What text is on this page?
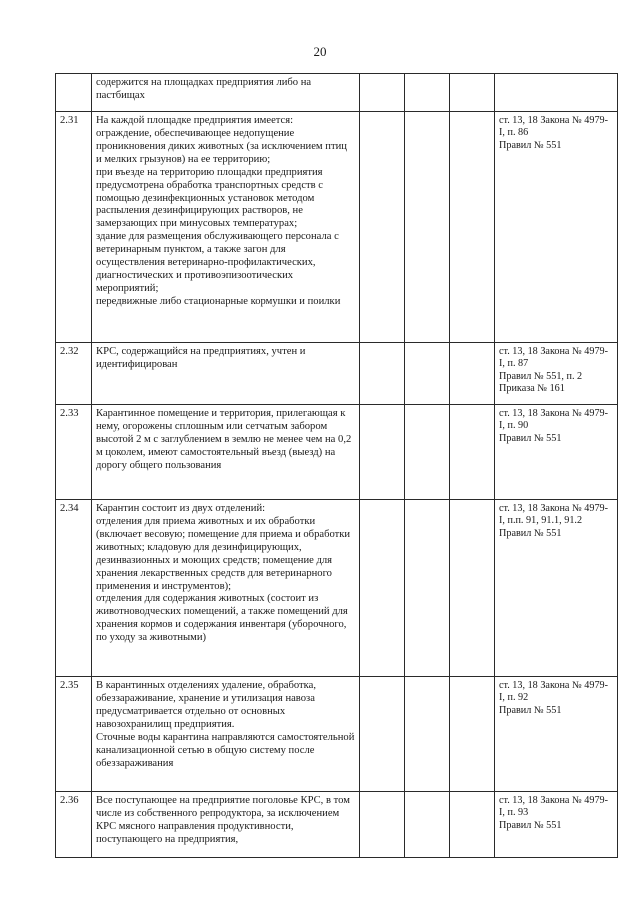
20
	содержится на площадках предприятия либо на пастбищах				
2.31	На каждой площадке предприятия имеется:
ограждение, обеспечивающее недопущение проникновения диких животных (за исключением птиц и мелких грызунов) на ее территорию;
при въезде на территорию площадки предприятия предусмотрена обработка транспортных средств с помощью дезинфекционных установок методом распыления дезинфицирующих растворов, не замерзающих при минусовых температурах;
здание для размещения обслуживающего персонала с ветеринарным пунктом, а также загон для осуществления ветеринарно-профилактических, диагностических и противоэпизоотических мероприятий;
передвижные либо стационарные кормушки и поилки				ст. 13, 18 Закона № 4979-I, п. 86
Правил № 551
2.32	КРС, содержащийся на предприятиях, учтен и идентифицирован				ст. 13, 18 Закона № 4979-I, п. 87
Правил № 551, п. 2
Приказа № 161
2.33	Карантинное помещение и территория, прилегающая к нему, огорожены сплошным или сетчатым забором высотой 2 м с заглублением в землю не менее чем на 0,2 м цоколем, имеют самостоятельный въезд (выезд) на дорогу общего пользования				ст. 13, 18 Закона № 4979-I, п. 90
Правил № 551
2.34	Карантин состоит из двух отделений:
отделения для приема животных и их обработки (включает весовую; помещение для приема и обработки животных; кладовую для дезинфицирующих, дезинвазионных и моющих средств; помещение для хранения лекарственных средств для ветеринарного применения и инструментов);
отделения для содержания животных (состоит из животноводческих помещений, а также помещений для хранения кормов и содержания инвентаря (уборочного, по уходу за животными)				ст. 13, 18 Закона № 4979-I, п.п. 91, 91.1, 91.2 Правил № 551
2.35	В карантинных отделениях удаление, обработка, обеззараживание, хранение и утилизация навоза предусматривается отдельно от основных навозохранилищ предприятия.
Сточные воды карантина направляются самостоятельной канализационной сетью в общую систему после обеззараживания				ст. 13, 18 Закона № 4979-I, п. 92
Правил № 551
2.36	Все поступающее на предприятие поголовье КРС, в том числе из собственного репродуктора, за исключением КРС мясного направления продуктивности, поступающего на предприятия,				ст. 13, 18 Закона № 4979-I, п. 93
Правил № 551
